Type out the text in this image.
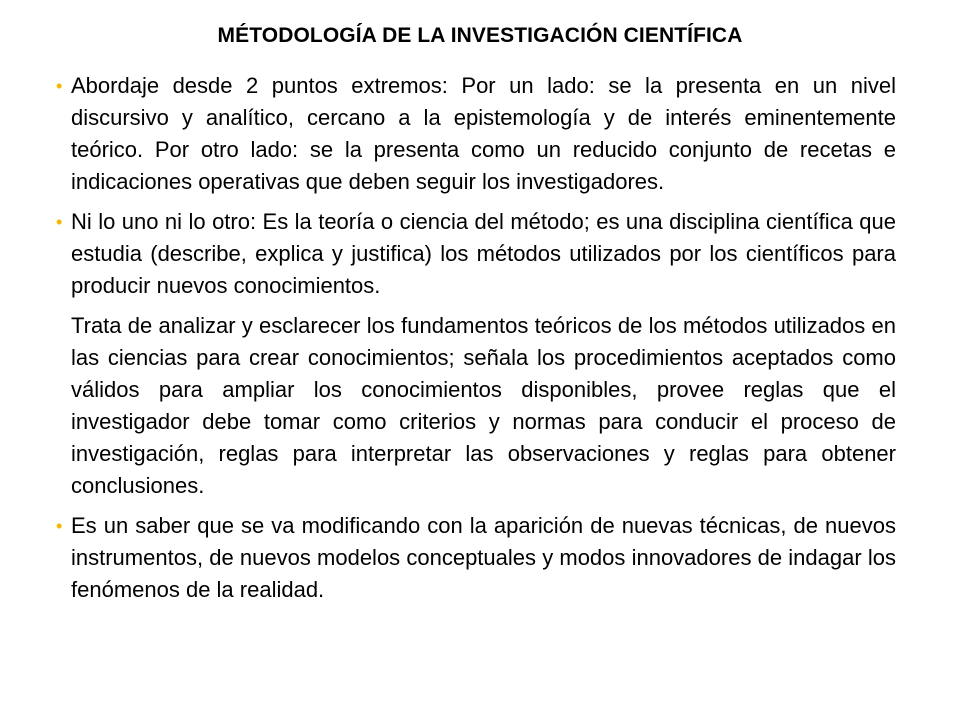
MÉTODOLOGÍA DE LA INVESTIGACIÓN CIENTÍFICA

• Abordaje desde 2 puntos extremos: Por un lado: se la presenta en un nivel discursivo y analítico, cercano a la epistemología y de interés eminentemente teórico. Por otro lado: se la presenta como un reducido conjunto de recetas e indicaciones operativas que deben seguir los investigadores.

• Ni lo uno ni lo otro: Es la teoría o ciencia del método; es una disciplina científica que estudia (describe, explica y justifica) los métodos utilizados por los científicos para producir nuevos conocimientos.

Trata de analizar y esclarecer los fundamentos teóricos de los métodos utilizados en las ciencias para crear conocimientos; señala los procedimientos aceptados como válidos para ampliar los conocimientos disponibles, provee reglas que el investigador debe tomar como criterios y normas para conducir el proceso de investigación, reglas para interpretar las observaciones y reglas para obtener conclusiones.

• Es un saber que se va modificando con la aparición de nuevas técnicas, de nuevos instrumentos, de nuevos modelos conceptuales y modos innovadores de indagar los fenómenos de la realidad.
